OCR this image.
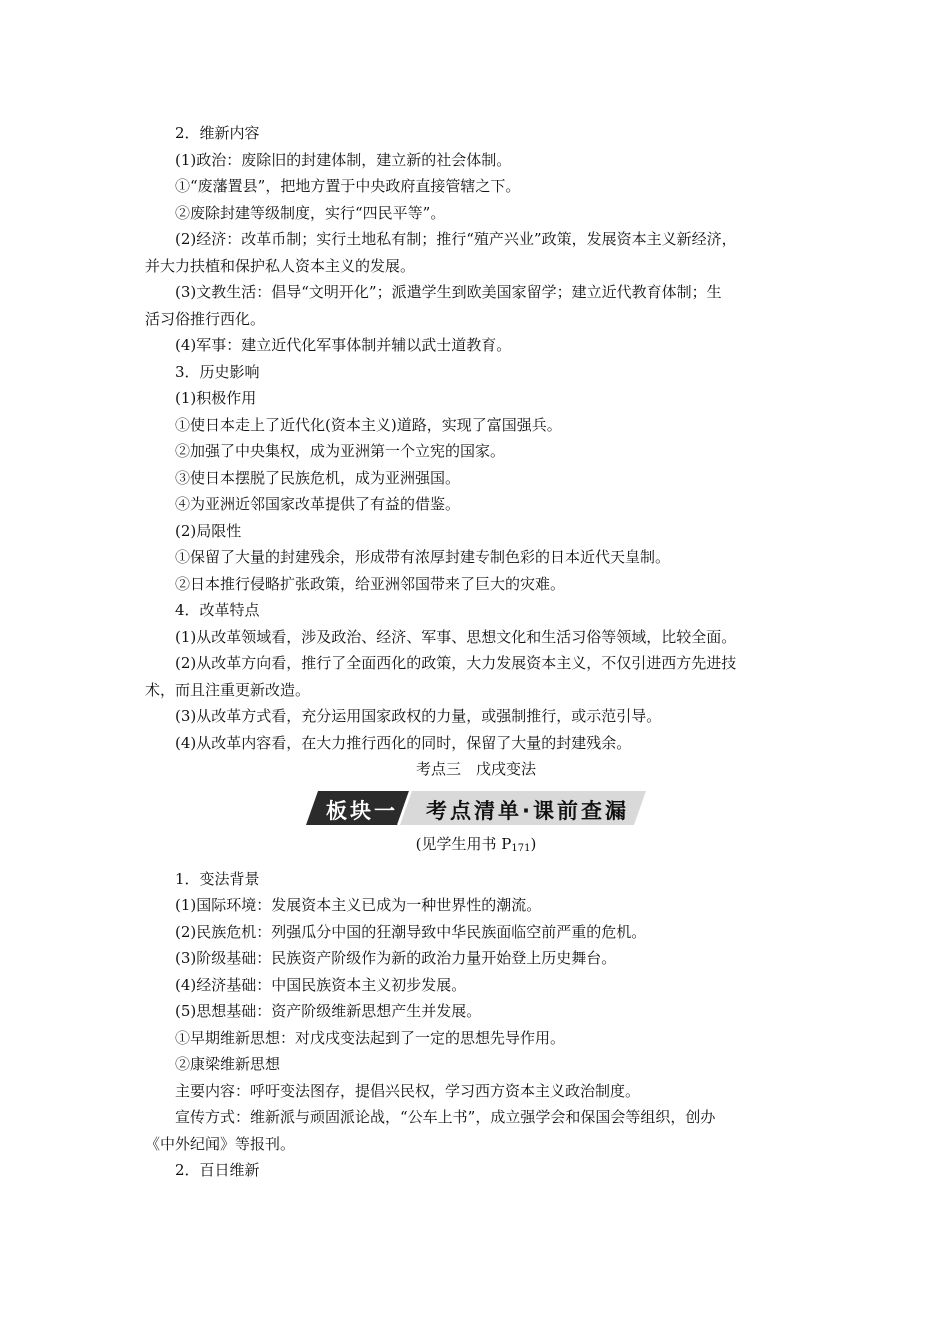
2．维新内容

(1)政治：废除旧的封建体制，建立新的社会体制。

①“废藩置县”，把地方置于中央政府直接管辖之下。

②废除封建等级制度，实行“四民平等”。

(2)经济：改革币制；实行土地私有制；推行“殖产兴业”政策，发展资本主义新经济，

并大力扶植和保护私人资本主义的发展。

(3)文教生活：倡导“文明开化”；派遣学生到欧美国家留学；建立近代教育体制；生

活习俗推行西化。

(4)军事：建立近代化军事体制并辅以武士道教育。

3．历史影响

(1)积极作用

①使日本走上了近代化(资本主义)道路，实现了富国强兵。

②加强了中央集权，成为亚洲第一个立宪的国家。

③使日本摆脱了民族危机，成为亚洲强国。

④为亚洲近邻国家改革提供了有益的借鉴。

(2)局限性

①保留了大量的封建残余，形成带有浓厚封建专制色彩的日本近代天皇制。

②日本推行侵略扩张政策，给亚洲邻国带来了巨大的灾难。

4．改革特点

(1)从改革领域看，涉及政治、经济、军事、思想文化和生活习俗等领域，比较全面。

(2)从改革方向看，推行了全面西化的政策，大力发展资本主义，不仅引进西方先进技

术，而且注重更新改造。

(3)从改革方式看，充分运用国家政权的力量，或强制推行，或示范引导。

(4)从改革内容看，在大力推行西化的同时，保留了大量的封建残余。

考点三　戊戌变法

板块一 考点清单·课前查漏

(见学生用书 $P_{171}$)

1．变法背景

(1)国际环境：发展资本主义已成为一种世界性的潮流。

(2)民族危机：列强瓜分中国的狂潮导致中华民族面临空前严重的危机。

(3)阶级基础：民族资产阶级作为新的政治力量开始登上历史舞台。

(4)经济基础：中国民族资本主义初步发展。

(5)思想基础：资产阶级维新思想产生并发展。

①早期维新思想：对戊戌变法起到了一定的思想先导作用。

②康梁维新思想

主要内容：呼吁变法图存，提倡兴民权，学习西方资本主义政治制度。

宣传方式：维新派与顽固派论战，“公车上书”，成立强学会和保国会等组织，创办

《中外纪闻》等报刊。

2．百日维新
